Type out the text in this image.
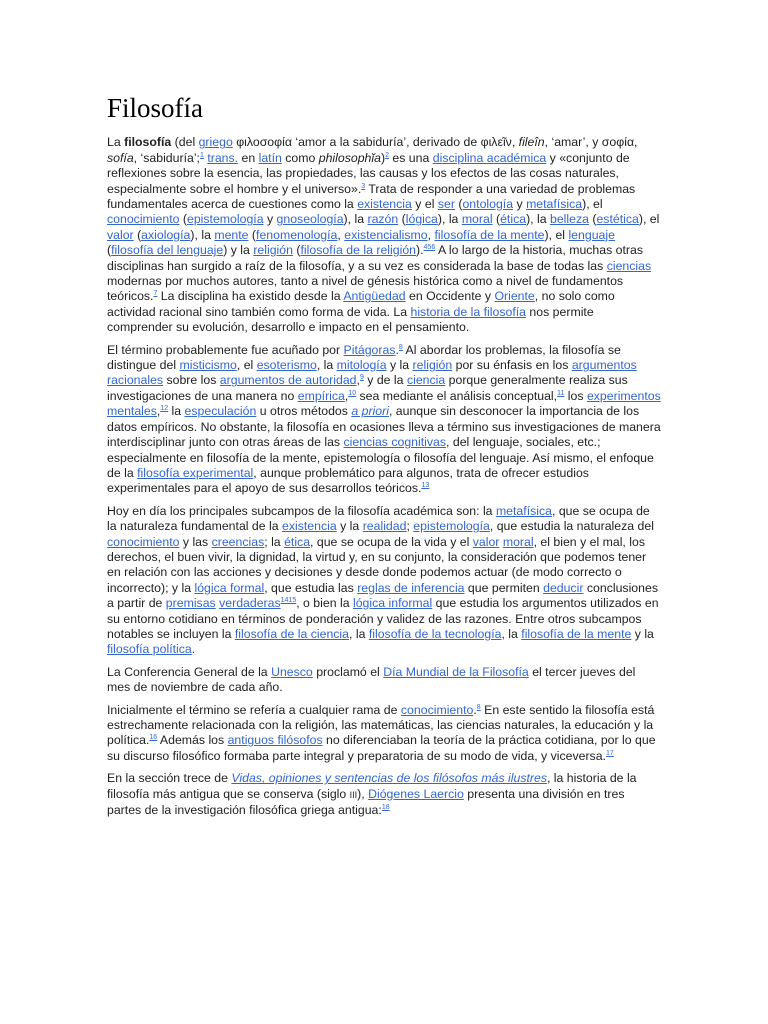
Filosofía

La filosofía (del griego φιλοσοφία ‘amor a la sabiduría’, derivado de φιλεῖν, fileîn, ‘amar’, y σοφία, sofía, ‘sabiduría’;$^1$ trans. en latín como philosophĭa)$^2$ es una disciplina académica y «conjunto de reflexiones sobre la esencia, las propiedades, las causas y los efectos de las cosas naturales, especialmente sobre el hombre y el universo».$^3$ Trata de responder a una variedad de problemas fundamentales acerca de cuestiones como la existencia y el ser (ontología y metafísica), el conocimiento (epistemología y gnoseología), la razón (lógica), la moral (ética), la belleza (estética), el valor (axiología), la mente (fenomenología, existencialismo, filosofía de la mente), el lenguaje (filosofía del lenguaje) y la religión (filosofía de la religión).$^{456}$ A lo largo de la historia, muchas otras disciplinas han surgido a raíz de la filosofía, y a su vez es considerada la base de todas las ciencias modernas por muchos autores, tanto a nivel de génesis histórica como a nivel de fundamentos teóricos.$^7$ La disciplina ha existido desde la Antigüedad en Occidente y Oriente, no solo como actividad racional sino también como forma de vida. La historia de la filosofía nos permite comprender su evolución, desarrollo e impacto en el pensamiento.

El término probablemente fue acuñado por Pitágoras.$^8$ Al abordar los problemas, la filosofía se distingue del misticismo, el esoterismo, la mitología y la religión por su énfasis en los argumentos racionales sobre los argumentos de autoridad,$^9$ y de la ciencia porque generalmente realiza sus investigaciones de una manera no empírica,$^{10}$ sea mediante el análisis conceptual,$^{11}$ los experimentos mentales,$^{12}$ la especulación u otros métodos a priori, aunque sin desconocer la importancia de los datos empíricos. No obstante, la filosofía en ocasiones lleva a término sus investigaciones de manera interdisciplinar junto con otras áreas de las ciencias cognitivas, del lenguaje, sociales, etc.; especialmente en filosofía de la mente, epistemología o filosofía del lenguaje. Así mismo, el enfoque de la filosofía experimental, aunque problemático para algunos, trata de ofrecer estudios experimentales para el apoyo de sus desarrollos teóricos.$^{13}$

Hoy en día los principales subcampos de la filosofía académica son: la metafísica, que se ocupa de la naturaleza fundamental de la existencia y la realidad; epistemología, que estudia la naturaleza del conocimiento y las creencias; la ética, que se ocupa de la vida y el valor moral, el bien y el mal, los derechos, el buen vivir, la dignidad, la virtud y, en su conjunto, la consideración que podemos tener en relación con las acciones y decisiones y desde donde podemos actuar (de modo correcto o incorrecto); y la lógica formal, que estudia las reglas de inferencia que permiten deducir conclusiones a partir de premisas verdaderas$^{1415}$, o bien la lógica informal que estudia los argumentos utilizados en su entorno cotidiano en términos de ponderación y validez de las razones. Entre otros subcampos notables se incluyen la filosofía de la ciencia, la filosofía de la tecnología, la filosofía de la mente y la filosofía política.

La Conferencia General de la Unesco proclamó el Día Mundial de la Filosofía el tercer jueves del mes de noviembre de cada año.

Inicialmente el término se refería a cualquier rama de conocimiento.$^8$ En este sentido la filosofía está estrechamente relacionada con la religión, las matemáticas, las ciencias naturales, la educación y la política.$^{16}$ Además los antiguos filósofos no diferenciaban la teoría de la práctica cotidiana, por lo que su discurso filosófico formaba parte integral y preparatoria de su modo de vida, y viceversa.$^{17}$

En la sección trece de Vidas, opiniones y sentencias de los filósofos más ilustres, la historia de la filosofía más antigua que se conserva (siglo III), Diógenes Laercio presenta una división en tres partes de la investigación filosófica griega antigua:$^{18}$
